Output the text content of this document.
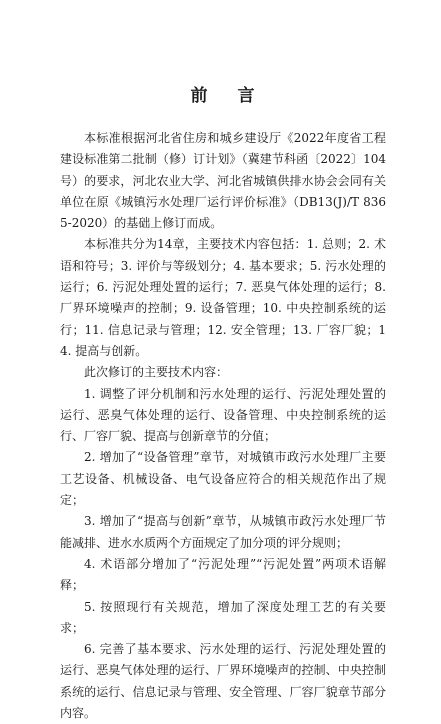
前 言

本标准根据河北省住房和城乡建设厅《2022年度省工程建设标准第二批制（修）订计划》（冀建节科函〔2022〕104号）的要求，河北农业大学、河北省城镇供排水协会会同有关单位在原《城镇污水处理厂运行评价标准》（DB13(J)/T 8365-2020）的基础上修订而成。

本标准共分为14章，主要技术内容包括：1. 总则；2. 术语和符号；3. 评价与等级划分；4. 基本要求；5. 污水处理的运行；6. 污泥处理处置的运行；7. 恶臭气体处理的运行；8. 厂界环境噪声的控制；9. 设备管理；10. 中央控制系统的运行；11. 信息记录与管理；12. 安全管理；13. 厂容厂貌；14. 提高与创新。

此次修订的主要技术内容：

1. 调整了评分机制和污水处理的运行、污泥处理处置的运行、恶臭气体处理的运行、设备管理、中央控制系统的运行、厂容厂貌、提高与创新章节的分值；

2. 增加了“设备管理”章节，对城镇市政污水处理厂主要工艺设备、机械设备、电气设备应符合的相关规范作出了规定；

3. 增加了“提高与创新”章节，从城镇市政污水处理厂节能减排、进水水质两个方面规定了加分项的评分规则；

4. 术语部分增加了“污泥处理”“污泥处置”两项术语解释；

5. 按照现行有关规范，增加了深度处理工艺的有关要求；

6. 完善了基本要求、污水处理的运行、污泥处理处置的运行、恶臭气体处理的运行、厂界环境噪声的控制、中央控制系统的运行、信息记录与管理、安全管理、厂容厂貌章节部分内容。
